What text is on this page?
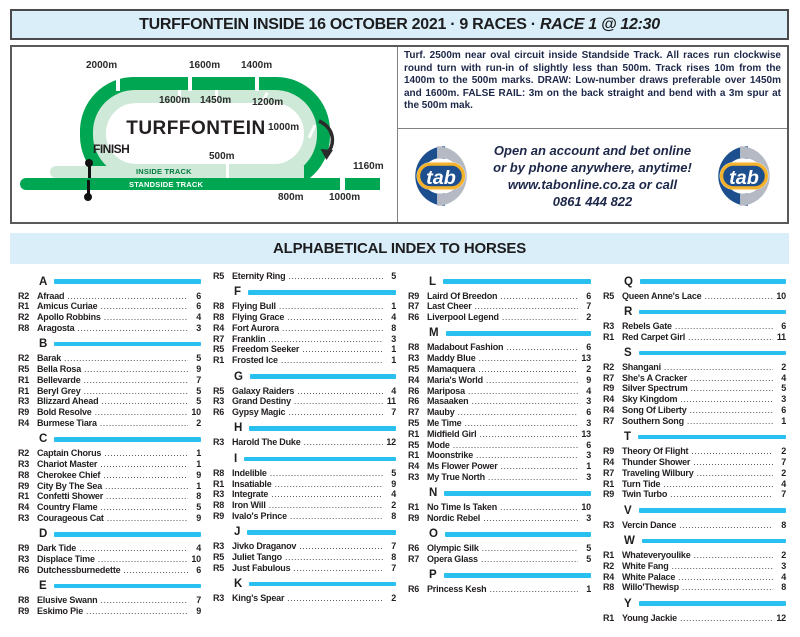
TURFFONTEIN INSIDE 16 OCTOBER 2021 · 9 RACES · RACE 1 @ 12:30
TURFFONTEIN
FINISH
INSIDE TRACK
STANDSIDE TRACK
2000m	1600m 1400m
1600m 1450m 1200m
1000m
500m
1160m
800m	1000m

Turf. 2500m near oval circuit inside Standside Track. All races run clockwise round turn with run-in of slightly less than 500m. Track rises 10m from the 1400m to the 500m marks. DRAW: Low-number draws preferable over 1450m and 1600m. FALSE RAIL: 3m on the back straight and bend with a 3m spur at the 500m mak.

tab
Open an account and bet online
or by phone anywhere, anytime!
www.tabonline.co.za or call
0861 444 822
tab
ALPHABETICAL INDEX TO HORSES
A
R2 Afraad .....	6
R1 Amicus Curiae .....	6
R2 Apollo Robbins .....	4
R8 Aragosta .....	3
B
R2 Barak .....	5
R5 Bella Rosa .....	9
R1 Bellevarde .....	7
R1 Beryl Grey .....	5
R3 Blizzard Ahead .....	5
R9 Bold Resolve .....	10
R4 Burmese Tiara .....	2
C
R2 Captain Chorus .....	1
R3 Chariot Master .....	1
R8 Cherokee Chief .....	9
R9 City By The Sea .....	1
R1 Confetti Shower .....	8
R4 Country Flame .....	5
R3 Courageous Cat .....	9
D
R9 Dark Tide .....	4
R3 Displace Time .....	10
R6 Dutchessburnedette .....	6
E
R8 Elusive Swann .....	7
R9 Eskimo Pie .....	9
R5 Eternity Ring .....	5
F
R8 Flying Bull .....	1
R8 Flying Grace .....	4
R4 Fort Aurora .....	8
R7 Franklin .....	3
R5 Freedom Seeker .....	1
R1 Frosted Ice .....	1
G
R5 Galaxy Raiders .....	4
R3 Grand Destiny .....	11
R6 Gypsy Magic .....	7
H
R3 Harold The Duke .....	12
I
R8 Indelible .....	5
R1 Insatiable .....	9
R3 Integrate .....	4
R8 Iron Will .....	2
R9 Ivalo's Prince .....	8
J
R3 Jivko Draganov .....	7
R5 Juliet Tango .....	8
R5 Just Fabulous .....	7
K
R3 King's Spear .....	2
L
R9 Laird Of Breedon .....	6
R7 Last Cheer .....	7
R6 Liverpool Legend .....	2
M
R8 Madabout Fashion .....	6
R3 Maddy Blue .....	13
R5 Mamaquera .....	2
R4 Maria's World .....	9
R6 Mariposa .....	4
R6 Masaaken .....	3
R7 Mauby .....	6
R5 Me Time .....	3
R1 Midfield Girl .....	13
R5 Mode .....	6
R1 Moonstrike .....	3
R4 Ms Flower Power .....	1
R3 My True North .....	3
N
R1 No Time Is Taken .....	10
R9 Nordic Rebel .....	3
O
R6 Olympic Silk .....	5
R7 Opera Glass .....	5
P
R6 Princess Kesh .....	1
Q
R5 Queen Anne's Lace .....	10
R
R3 Rebels Gate .....	6
R1 Red Carpet Girl .....	11
S
R2 Shangani .....	2
R7 She's A Cracker .....	4
R9 Silver Spectrum .....	5
R4 Sky Kingdom .....	3
R4 Song Of Liberty .....	6
R7 Southern Song .....	1
T
R9 Theory Of Flight .....	2
R4 Thunder Shower .....	7
R7 Traveling Wilbury .....	2
R1 Turn Tide .....	4
R9 Twin Turbo .....	7
V
R3 Vercin Dance .....	8
W
R1 Whateveryoulike .....	2
R2 White Fang .....	3
R4 White Palace .....	4
R8 Willo'Thewisp .....	8
Y
R1 Young Jackie .....	12
